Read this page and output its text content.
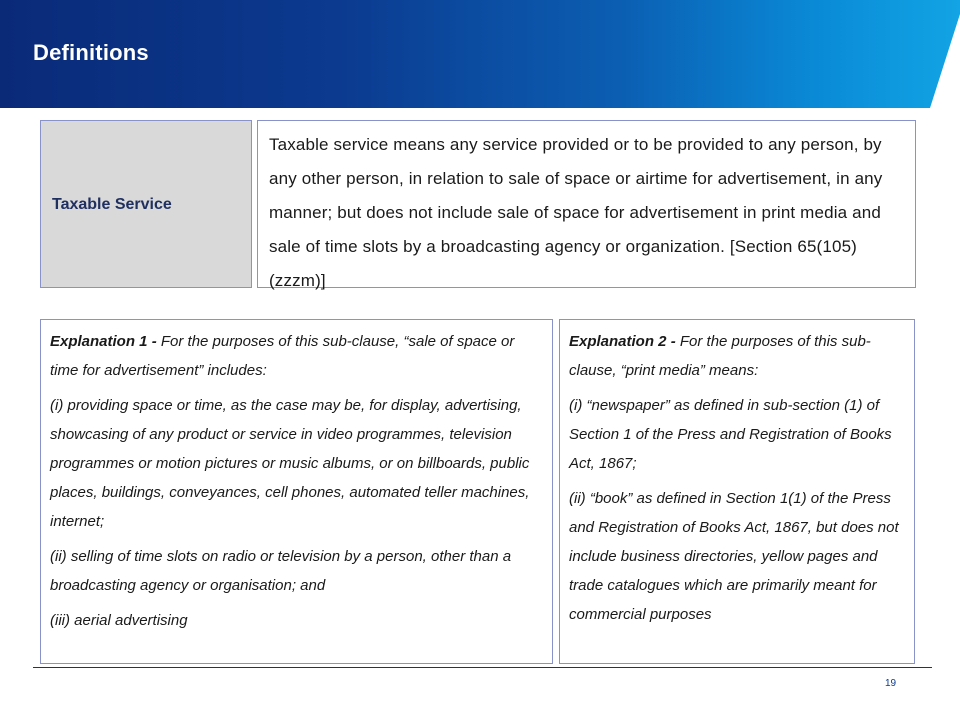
Definitions
Taxable Service
Taxable service means any service provided or to be provided to any person, by any other person, in relation to sale of space or airtime for advertisement, in any manner; but does not include sale of space for advertisement in print media and sale of time slots by a broadcasting agency or organization. [Section 65(105)(zzzm)]

Explanation 1 - For the purposes of this sub-clause, “sale of space or time for advertisement” includes:

(i) providing space or time, as the case may be, for display, advertising, showcasing of any product or service in video programmes, television programmes or motion pictures or music albums, or on billboards, public places, buildings, conveyances, cell phones, automated teller machines, internet;

(ii) selling of time slots on radio or television by a person, other than a broadcasting agency or organisation; and

(iii) aerial advertising

Explanation 2 - For the purposes of this sub-clause, “print media” means:

(i) “newspaper” as defined in sub-section (1) of Section 1 of the Press and Registration of Books Act, 1867;

(ii) “book” as defined in Section 1(1) of the Press and Registration of Books Act, 1867, but does not include business directories, yellow pages and trade catalogues which are primarily meant for commercial purposes

19
